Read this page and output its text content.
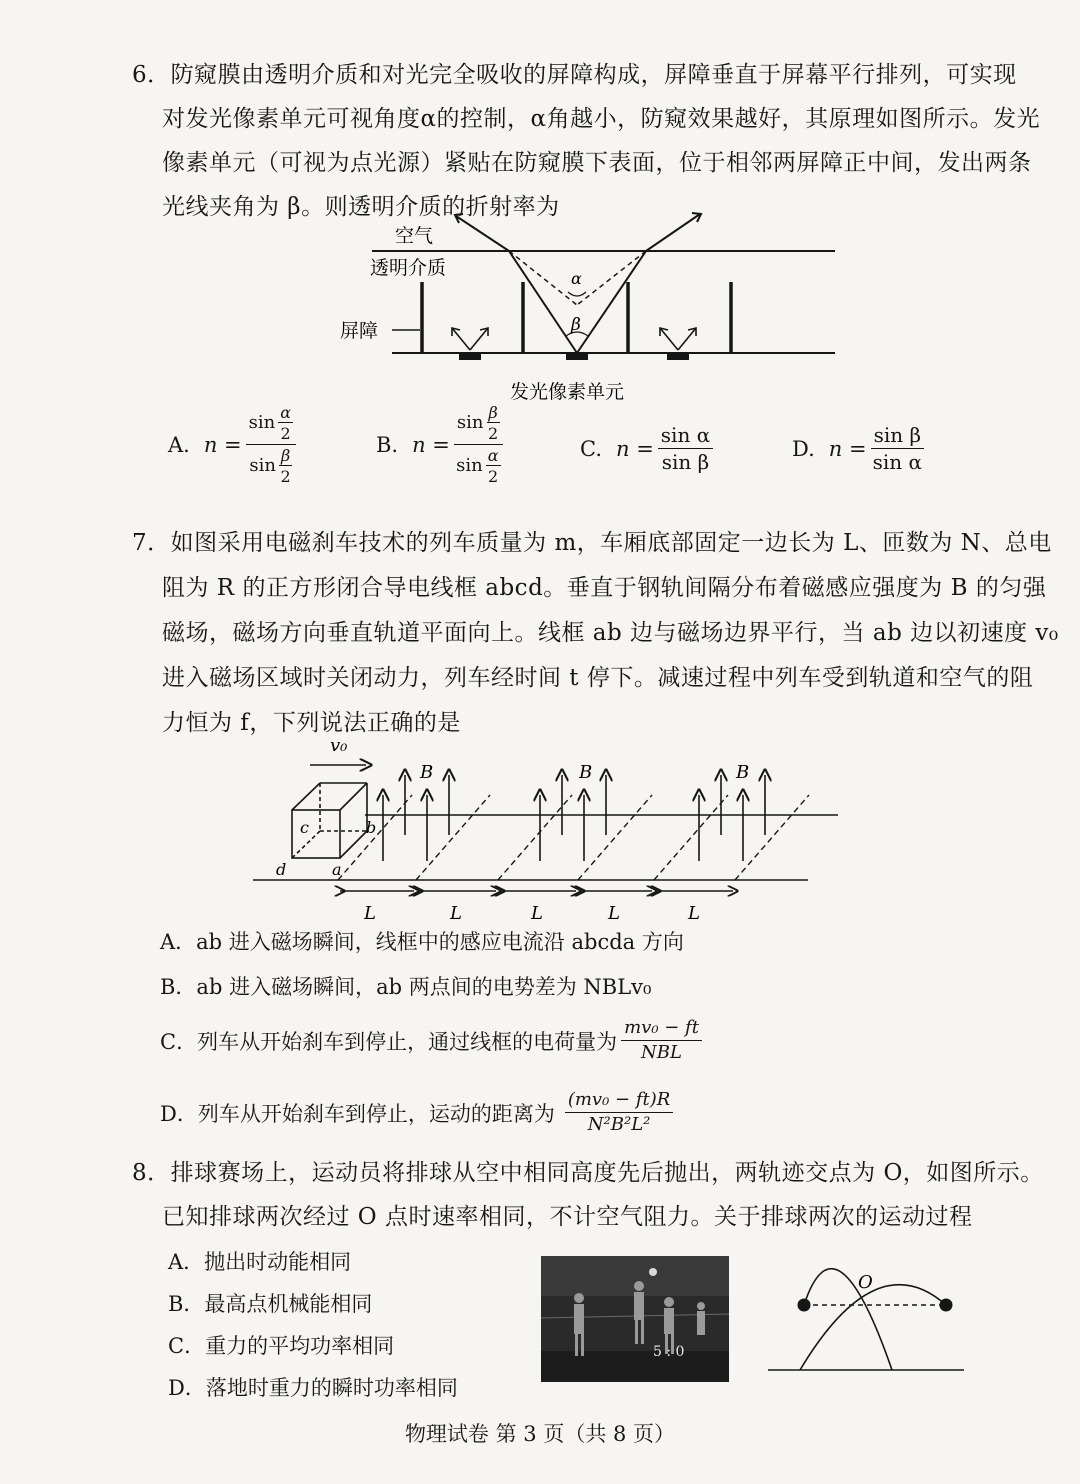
6．防窥膜由透明介质和对光完全吸收的屏障构成，屏障垂直于屏幕平行排列，可实现
对发光像素单元可视角度α的控制，α角越小，防窥效果越好，其原理如图所示。发光
像素单元（可视为点光源）紧贴在防窥膜下表面，位于相邻两屏障正中间，发出两条
光线夹角为 β。则透明介质的折射率为
α
β
空气
透明介质
屏障
发光像素单元
A. $n = \frac{\sin \frac{\alpha}{2}}{\sin \frac{\beta}{2}}$	B. $n = \frac{\sin \frac{\beta}{2}}{\sin \frac{\alpha}{2}}$	C. $n = \frac{\text{sin α}}{\text{sin β}}$	D. $n = \frac{\text{sin β}}{\text{sin α}}$
7．如图采用电磁刹车技术的列车质量为 m，车厢底部固定一边长为 L、匝数为 N、总电
阻为 R 的正方形闭合导电线框 abcd。垂直于钢轨间隔分布着磁感应强度为 B 的匀强
磁场，磁场方向垂直轨道平面向上。线框 ab 边与磁场边界平行，当 ab 边以初速度 v₀
进入磁场区域时关闭动力，列车经时间 t 停下。减速过程中列车受到轨道和空气的阻
力恒为 f，下列说法正确的是
v₀
c	b
d	a
B	B	B
L	L	L	L	L
A．ab 进入磁场瞬间，线框中的感应电流沿 abcda 方向
B．ab 进入磁场瞬间，ab 两点间的电势差为 NBLv₀
C．列车从开始刹车到停止，通过线框的电荷量为 $\frac{\text{mv₀ − ft}}{\text{NBL}}$
D．列车从开始刹车到停止，运动的距离为 $\frac{\text{(mv₀ − ft)R}}{\text{N²B²L²}}$
8．排球赛场上，运动员将排球从空中相同高度先后抛出，两轨迹交点为 O，如图所示。
已知排球两次经过 O 点时速率相同，不计空气阻力。关于排球两次的运动过程
A．抛出时动能相同
B．最高点机械能相同
C．重力的平均功率相同
D．落地时重力的瞬时功率相同
5 : 0
O
物理试卷 第 3 页（共 8 页）
